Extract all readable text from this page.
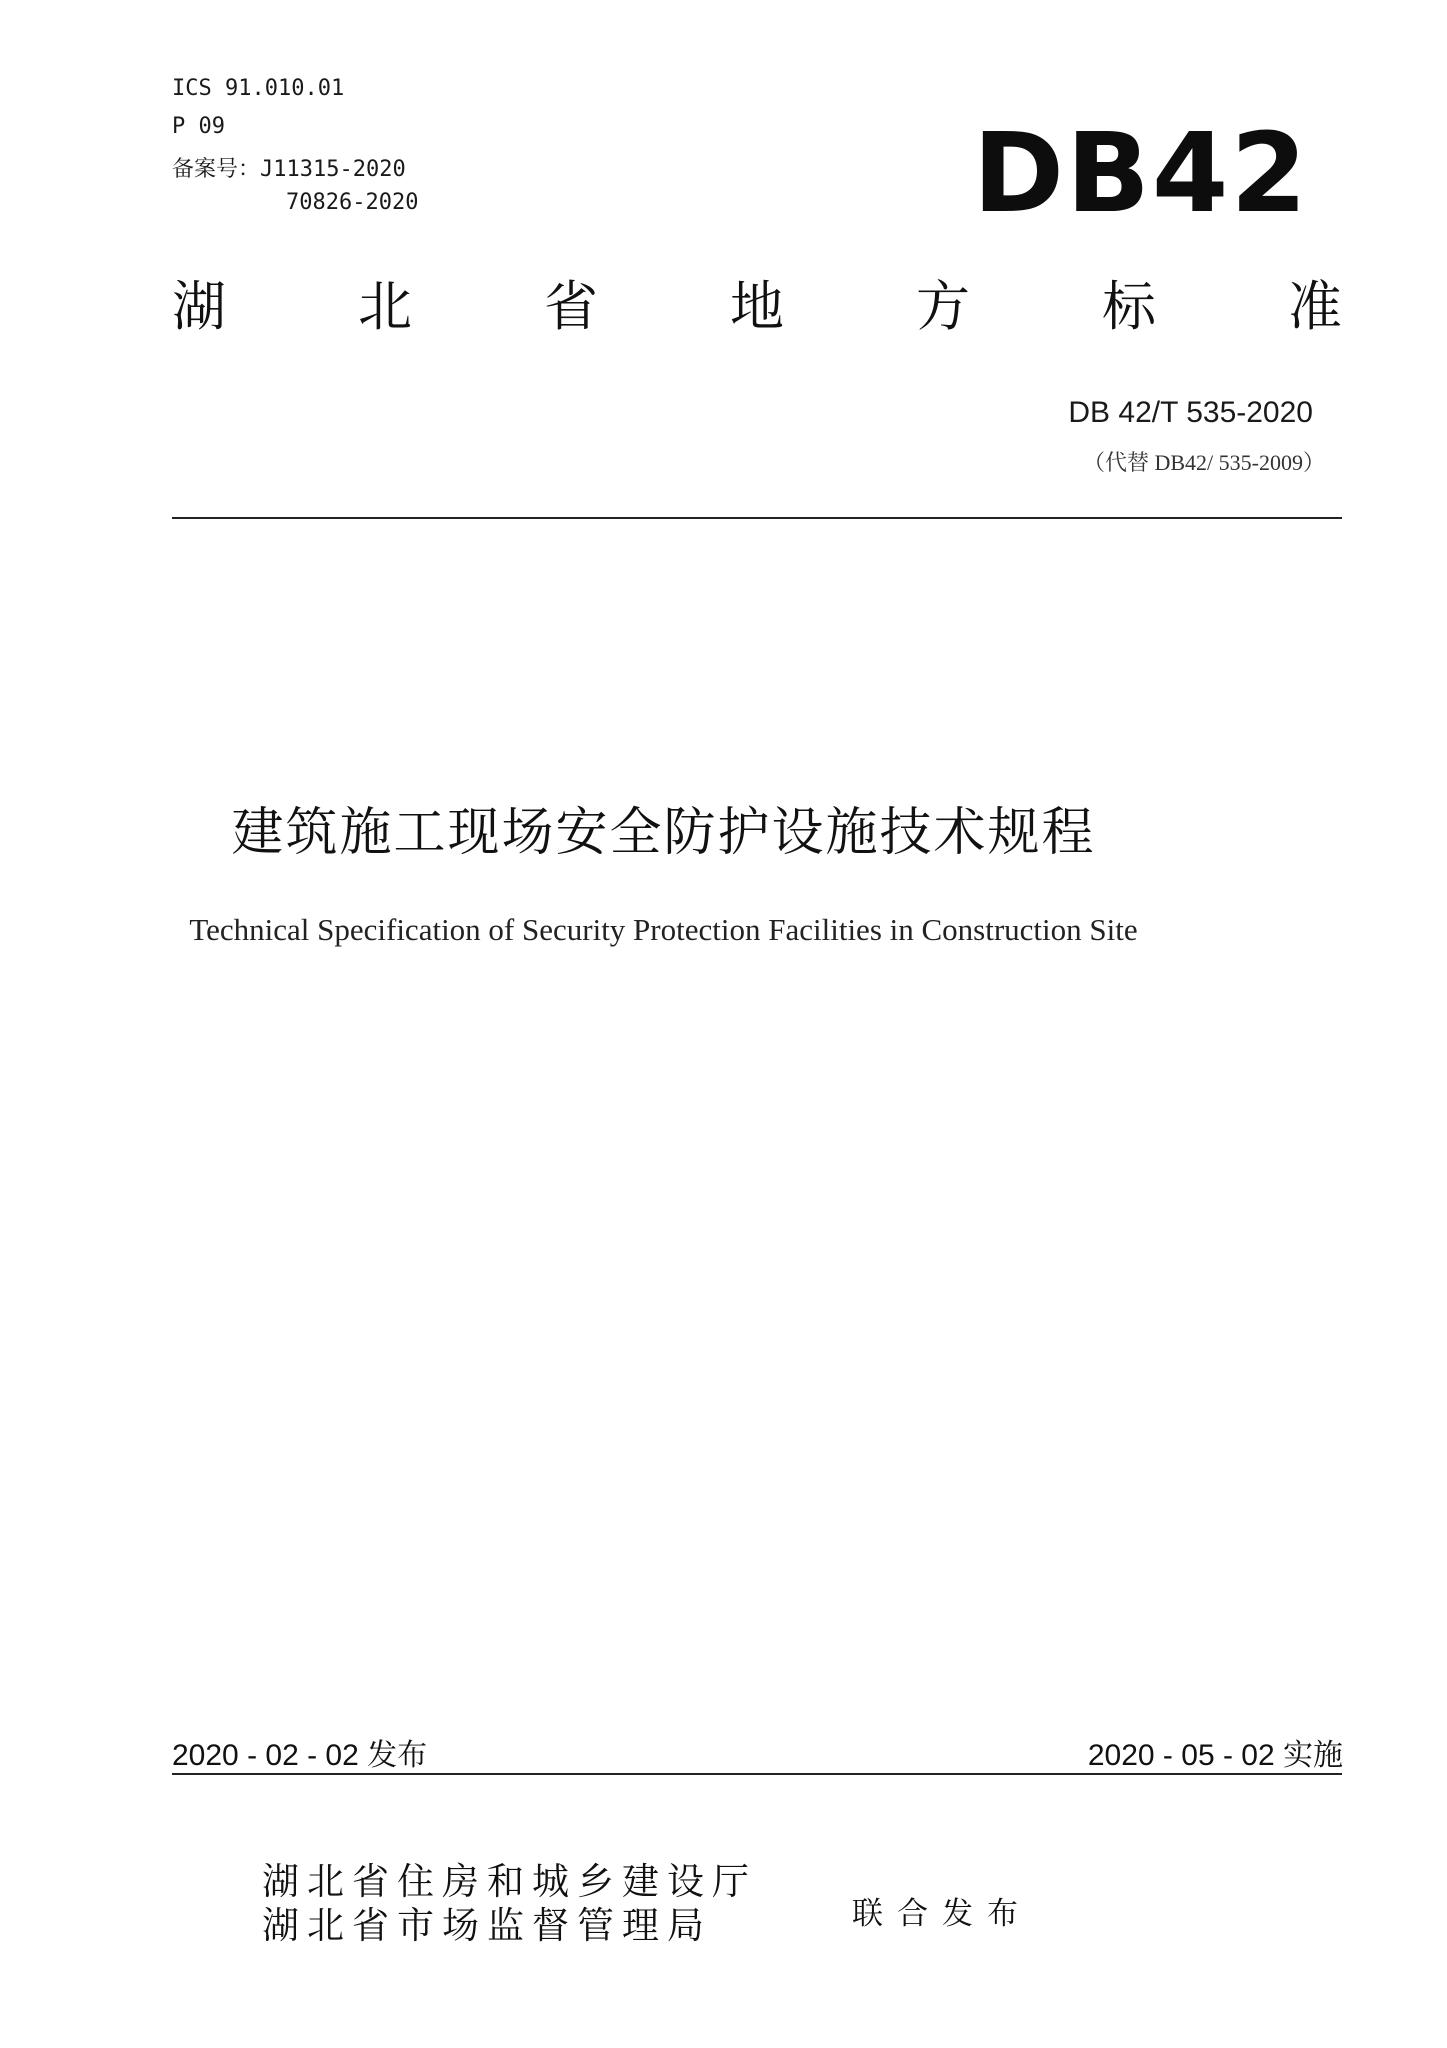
ICS 91.010.01
P 09
备案号：J11315-2020
70826-2020	DB42
湖 北 省 地 方 标 准
DB 42/T 535-2020
（代替 DB42/ 535-2009）
建筑施工现场安全防护设施技术规程
Technical Specification of Security Protection Facilities in Construction Site
2020 - 02 - 02 发布	2020 - 05 - 02 实施
湖北省住房和城乡建设厅
湖北省市场监督管理局	联合发布
